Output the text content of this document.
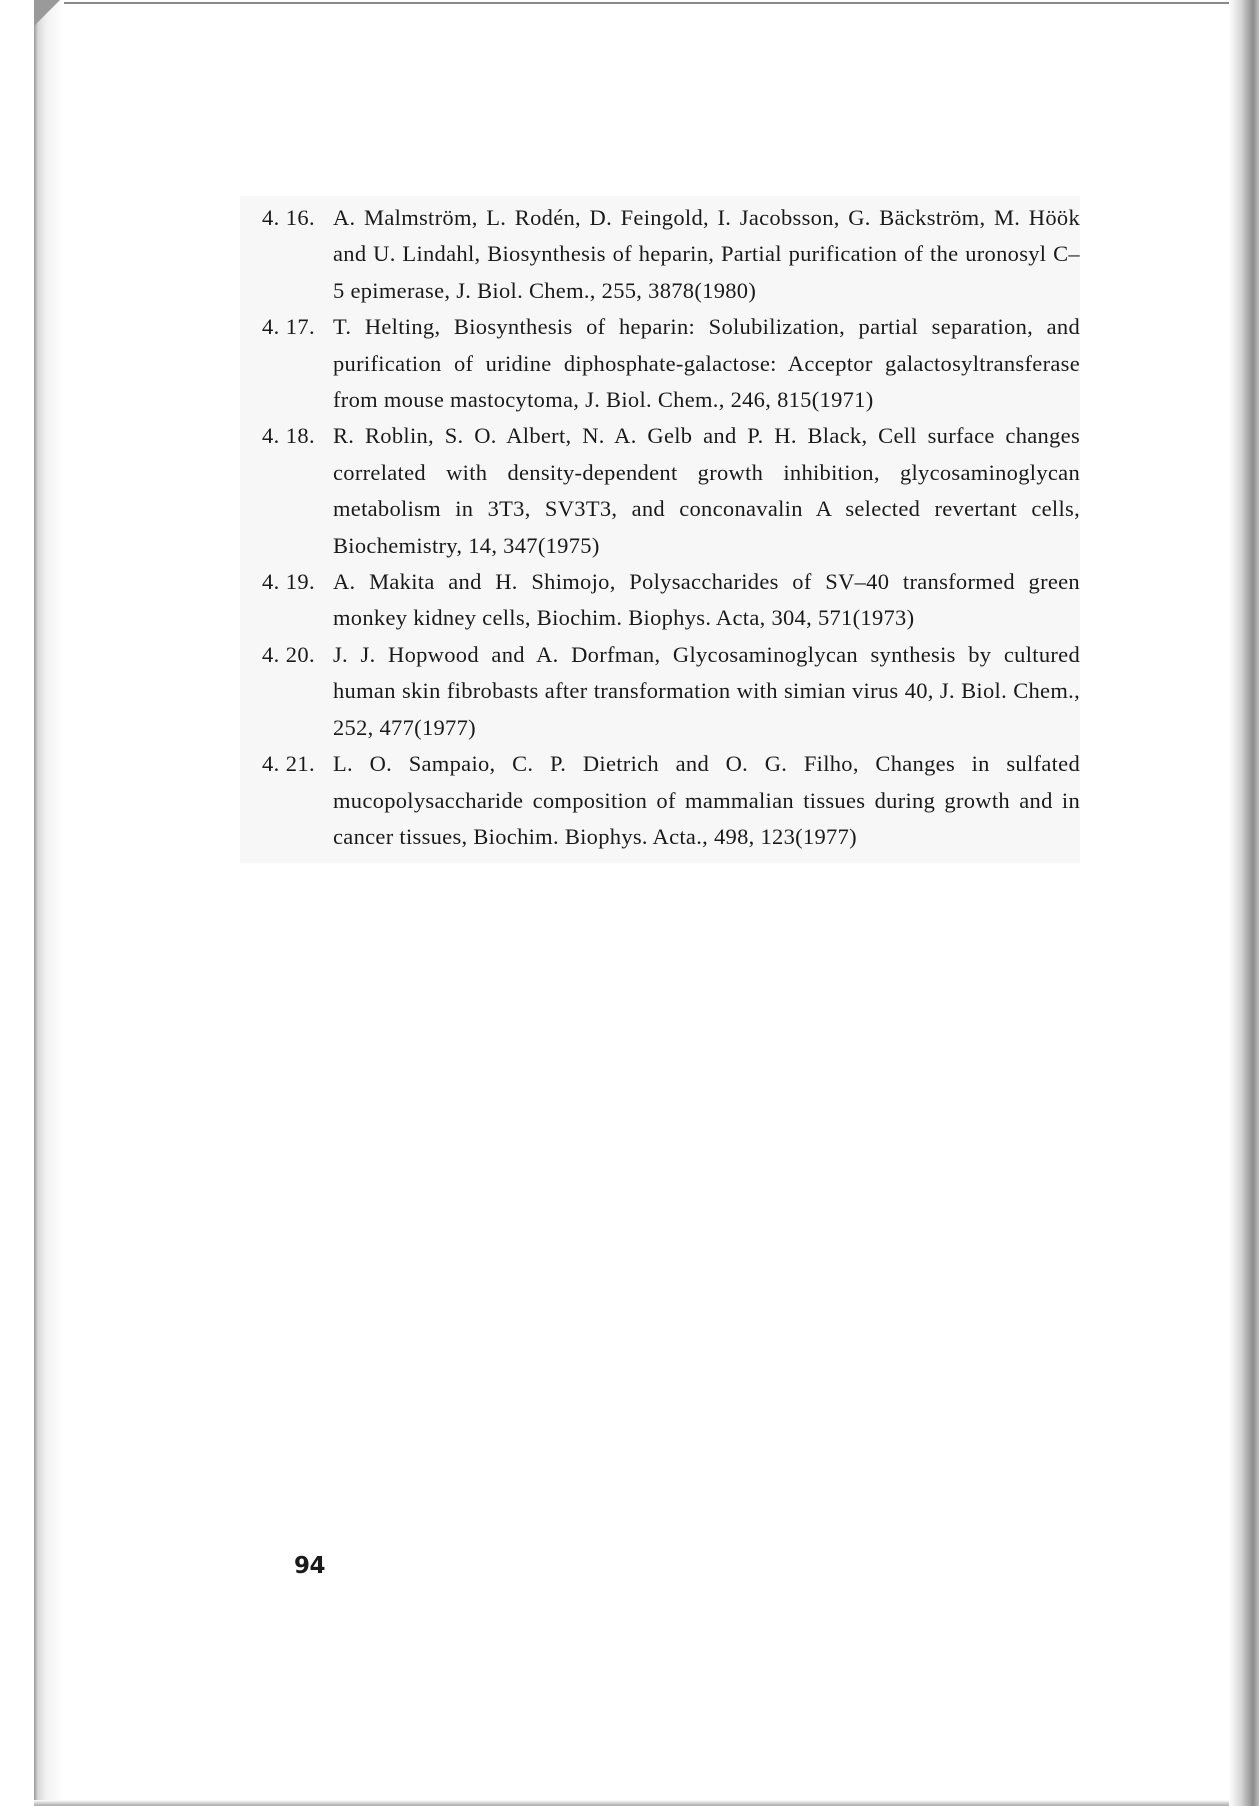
4. 16. A. Malmström, L. Rodén, D. Feingold, I. Jacobsson, G. Bäckström, M. Höök and U. Lindahl, Biosynthesis of heparin, Partial purification of the uronosyl C–5 epimerase, J. Biol. Chem., 255, 3878(1980)
4. 17. T. Helting, Biosynthesis of heparin: Solubilization, partial separation, and purification of uridine diphosphate-galactose: Acceptor galactosyltransferase from mouse mastocytoma, J. Biol. Chem., 246, 815(1971)
4. 18. R. Roblin, S. O. Albert, N. A. Gelb and P. H. Black, Cell surface changes correlated with density-dependent growth inhibition, glycosaminoglycan metabolism in 3T3, SV3T3, and conconavalin A selected revertant cells, Biochemistry, 14, 347(1975)
4. 19. A. Makita and H. Shimojo, Polysaccharides of SV–40 transformed green monkey kidney cells, Biochim. Biophys. Acta, 304, 571(1973)
4. 20. J. J. Hopwood and A. Dorfman, Glycosaminoglycan synthesis by cultured human skin fibrobasts after transformation with simian virus 40, J. Biol. Chem., 252, 477(1977)
4. 21. L. O. Sampaio, C. P. Dietrich and O. G. Filho, Changes in sulfated mucopolysaccharide composition of mammalian tissues during growth and in cancer tissues, Biochim. Biophys. Acta., 498, 123(1977)
94
